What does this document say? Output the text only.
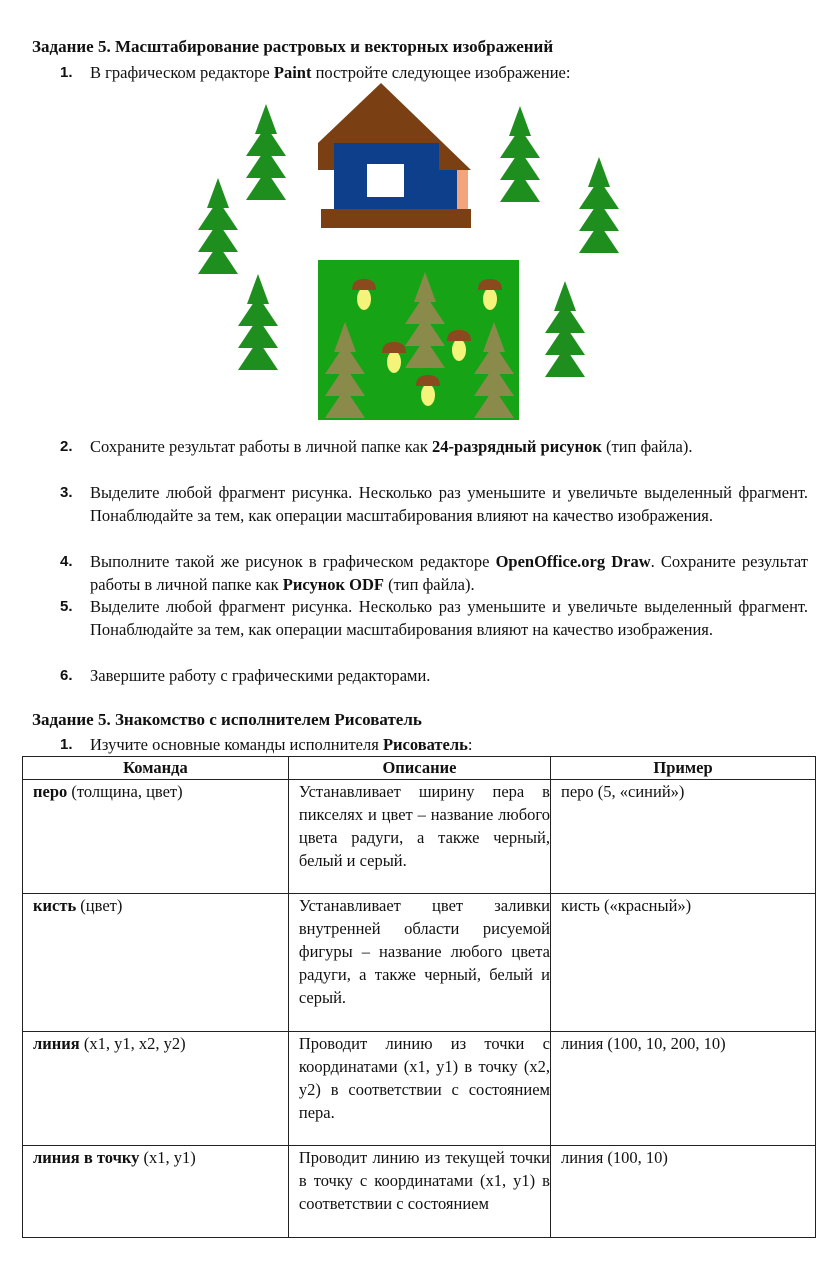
Задание 5. Масштабирование растровых и векторных изображений
1. В графическом редакторе Paint постройте следующее изображение:
2. Сохраните результат работы в личной папке как 24-разрядный рисунок (тип файла).
3. Выделите любой фрагмент рисунка. Несколько раз уменьшите и увеличьте выделенный фрагмент. Понаблюдайте за тем, как операции масштабирования влияют на качество изображения.
4. Выполните такой же рисунок в графическом редакторе OpenOffice.org Draw. Сохраните результат работы в личной папке как Рисунок ODF (тип файла).
5. Выделите любой фрагмент рисунка. Несколько раз уменьшите и увеличьте выделенный фрагмент. Понаблюдайте за тем, как операции масштабирования влияют на качество изображения.
6. Завершите работу с графическими редакторами.
Задание 5. Знакомство с исполнителем Рисователь
1. Изучите основные команды исполнителя Рисователь:
Команда	Описание	Пример
перо (толщина, цвет)	Устанавливает ширину пера в пикселях и цвет – название любого цвета радуги, а также черный, белый и серый.	перо (5, «синий»)
кисть (цвет)	Устанавливает цвет заливки внутренней области рисуемой фигуры – название любого цвета радуги, а также черный, белый и серый.	кисть («красный»)
линия (x1, y1, x2, y2)	Проводит линию из точки с координатами (x1, y1) в точку (x2, y2) в соответствии с состоянием пера.	линия (100, 10, 200, 10)
линия в точку (x1, y1)	Проводит линию из текущей точки в точку с координатами (x1, y1) в соответствии с состоянием	линия (100, 10)
